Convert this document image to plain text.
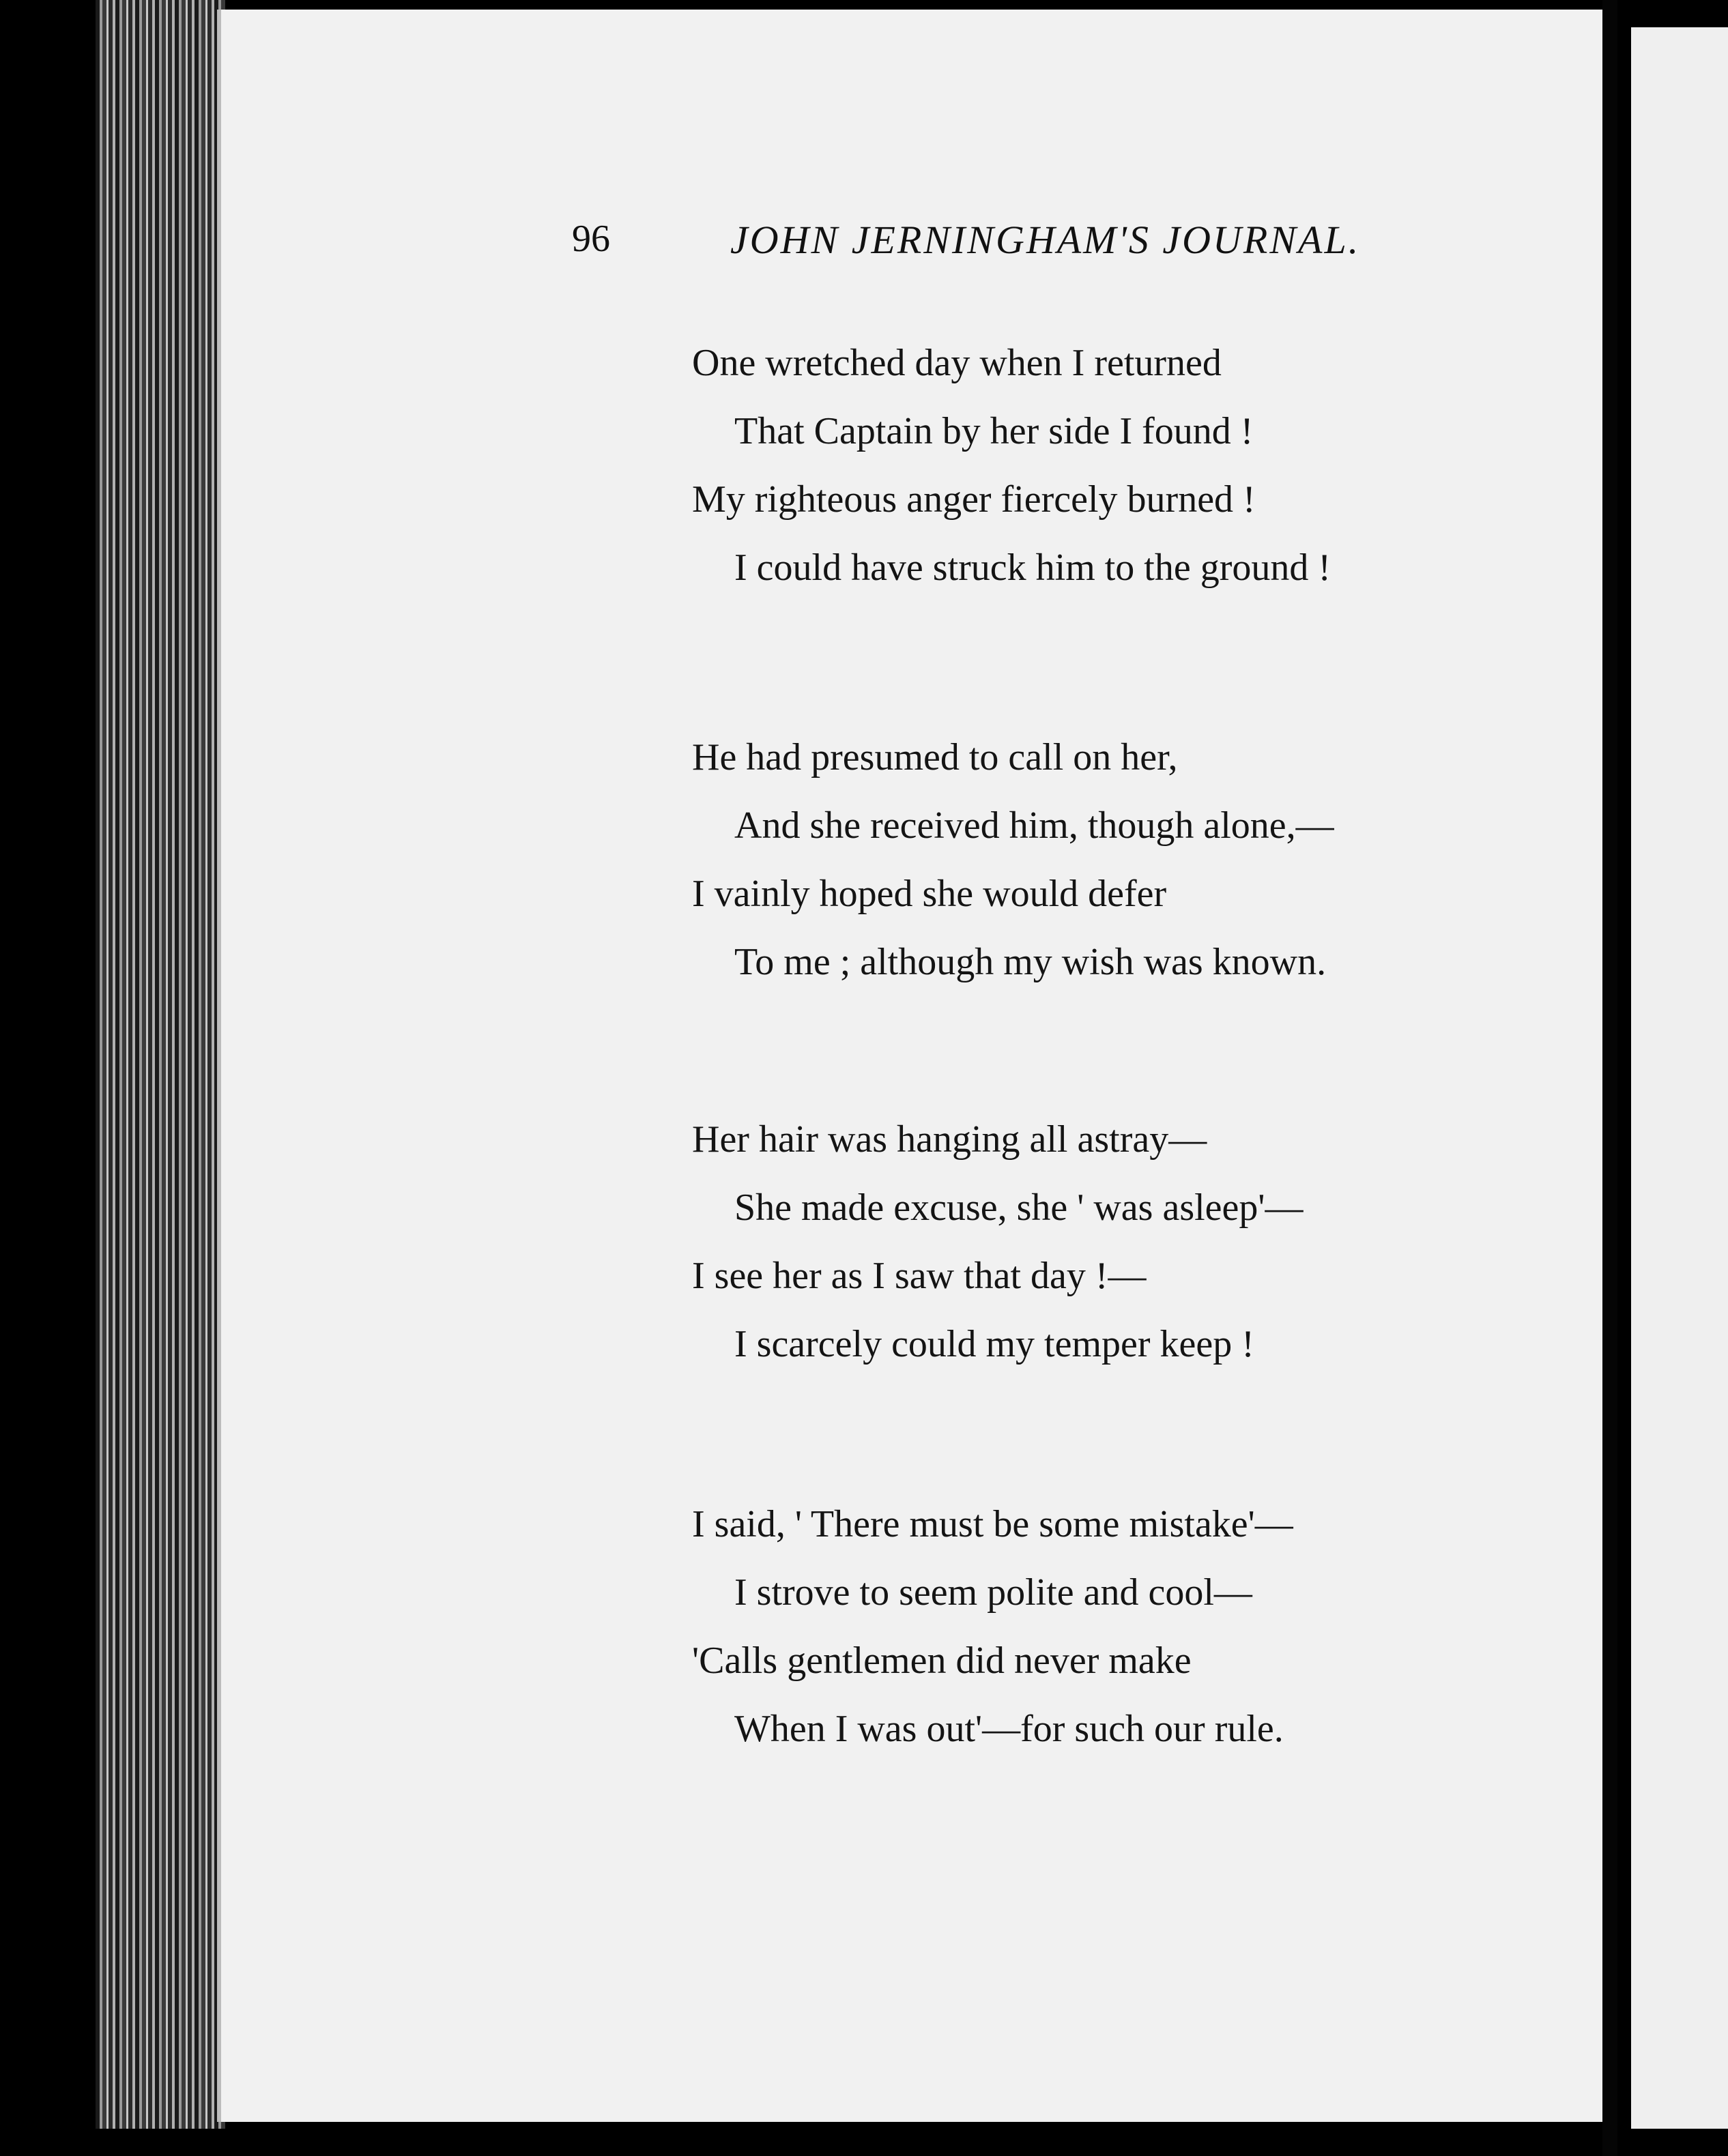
96	JOHN JERNINGHAM'S JOURNAL.
One wretched day when I returned
That Captain by her side I found !
My righteous anger fiercely burned !
I could have struck him to the ground !
He had presumed to call on her,
And she received him, though alone,—
I vainly hoped she would defer
To me ; although my wish was known.
Her hair was hanging all astray—
She made excuse, she ' was asleep'—
I see her as I saw that day !—
I scarcely could my temper keep !
I said, ' There must be some mistake'—
I strove to seem polite and cool—
'Calls gentlemen did never make
When I was out'—for such our rule.
